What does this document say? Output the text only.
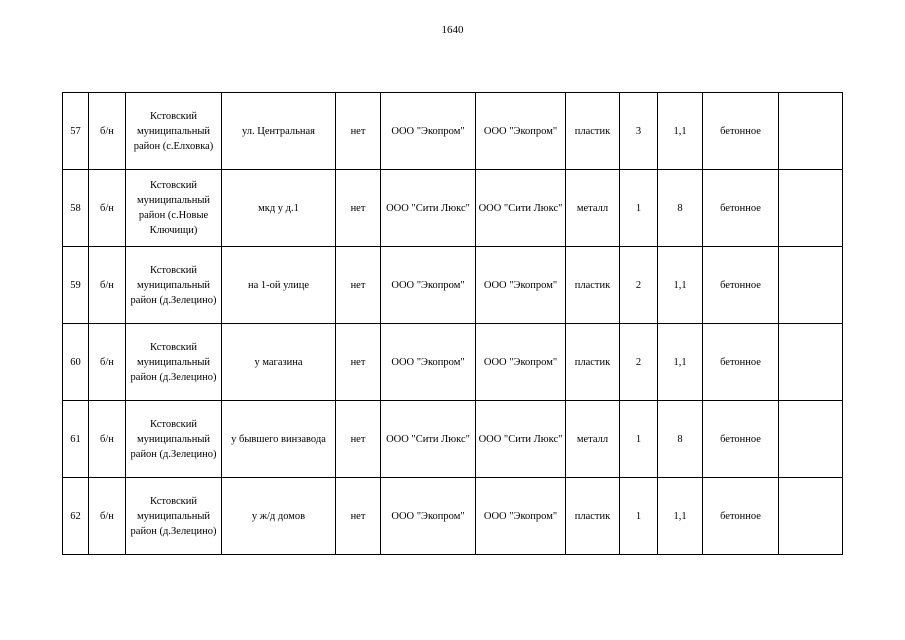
1640
57	б/н	Кстовский муниципальный район (с.Елховка)	ул. Центральная	нет	ООО "Экопром"	ООО "Экопром"	пластик	3	1,1	бетонное	
58	б/н	Кстовский муниципальный район (с.Новые Ключищи)	мкд у д.1	нет	ООО "Сити Люкс"	ООО "Сити Люкс"	металл	1	8	бетонное	
59	б/н	Кстовский муниципальный район (д.Зелецино)	на 1-ой улице	нет	ООО "Экопром"	ООО "Экопром"	пластик	2	1,1	бетонное	
60	б/н	Кстовский муниципальный район (д.Зелецино)	у магазина	нет	ООО "Экопром"	ООО "Экопром"	пластик	2	1,1	бетонное	
61	б/н	Кстовский муниципальный район (д.Зелецино)	у бывшего винзавода	нет	ООО "Сити Люкс"	ООО "Сити Люкс"	металл	1	8	бетонное	
62	б/н	Кстовский муниципальный район (д.Зелецино)	у ж/д домов	нет	ООО "Экопром"	ООО "Экопром"	пластик	1	1,1	бетонное	
